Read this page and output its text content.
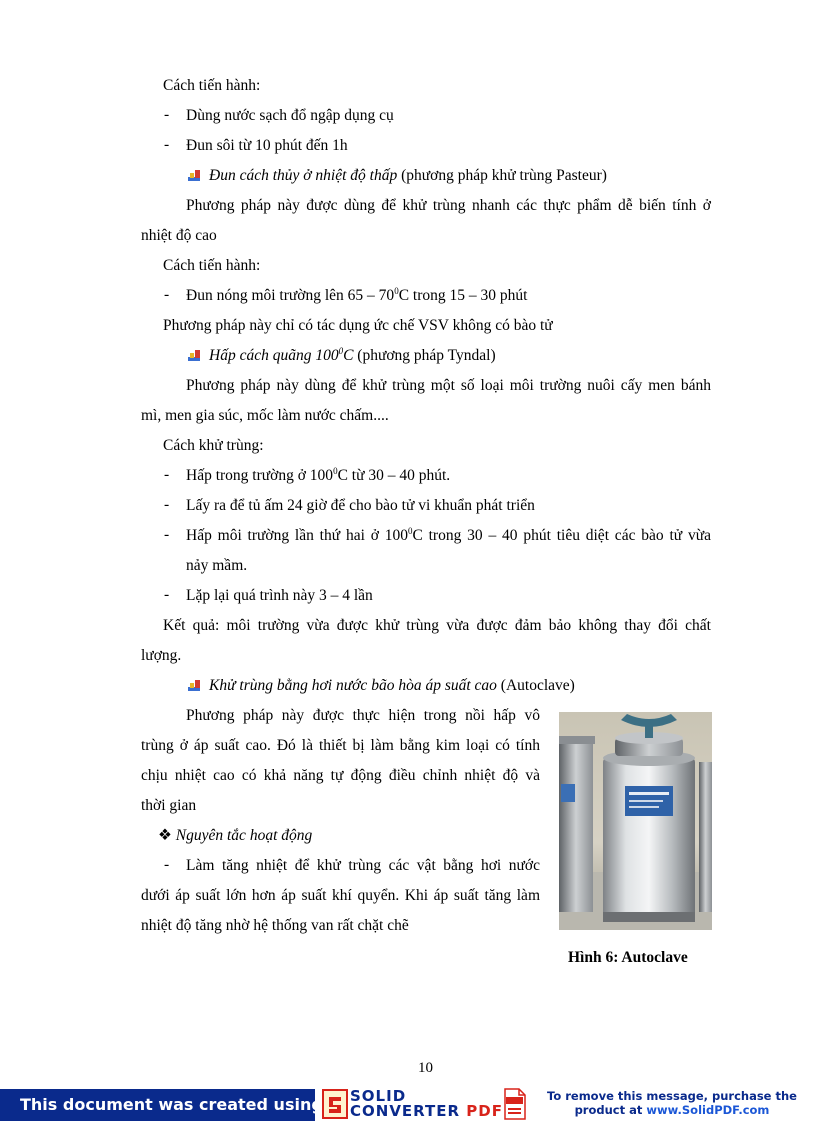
Cách tiến hành:
- Dùng nước sạch đổ ngập dụng cụ
- Đun sôi từ 10 phút đến 1h
Đun cách thủy ở nhiệt độ thấp (phương pháp khử trùng Pasteur)
Phương pháp này được dùng để khử trùng nhanh các thực phẩm dễ biến tính ở
nhiệt độ cao
Cách tiến hành:
- Đun nóng môi trường lên $65 - 70^0C$ trong 15 – 30 phút
Phương pháp này chỉ có tác dụng ức chế VSV không có bào tử
Hấp cách quãng $100^0C$ (phương pháp Tyndal)
Phương pháp này dùng để khử trùng một số loại môi trường nuôi cấy men bánh
mì, men gia súc, mốc làm nước chấm....
Cách khử trùng:
- Hấp trong trường ở $100^0C$ từ 30 – 40 phút.
- Lấy ra để tủ ấm 24 giờ để cho bào tử vi khuẩn phát triển
- Hấp môi trường lần thứ hai ở $100^0C$ trong 30 – 40 phút tiêu diệt các bào tử vừa
nảy mầm.
- Lặp lại quá trình này 3 – 4 lần
Kết quả: môi trường vừa được khử trùng vừa được đảm bảo không thay đổi chất
lượng.
Khử trùng bằng hơi nước bão hòa áp suất cao (Autoclave)
Phương pháp này được thực hiện trong nồi hấp vô
trùng ở áp suất cao. Đó là thiết bị làm bằng kim loại có tính
chịu nhiệt cao có khả năng tự động điều chỉnh nhiệt độ và
thời gian
❖ Nguyên tắc hoạt động
- Làm tăng nhiệt để khử trùng các vật bằng hơi nước
dưới áp suất lớn hơn áp suất khí quyển. Khi áp suất tăng làm
nhiệt độ tăng nhờ hệ thống van rất chặt chẽ
Hình 6: Autoclave
10
This document was created using SOLID
CONVERTER PDF
To remove this message, purchase the
product at www.SolidPDF.com
